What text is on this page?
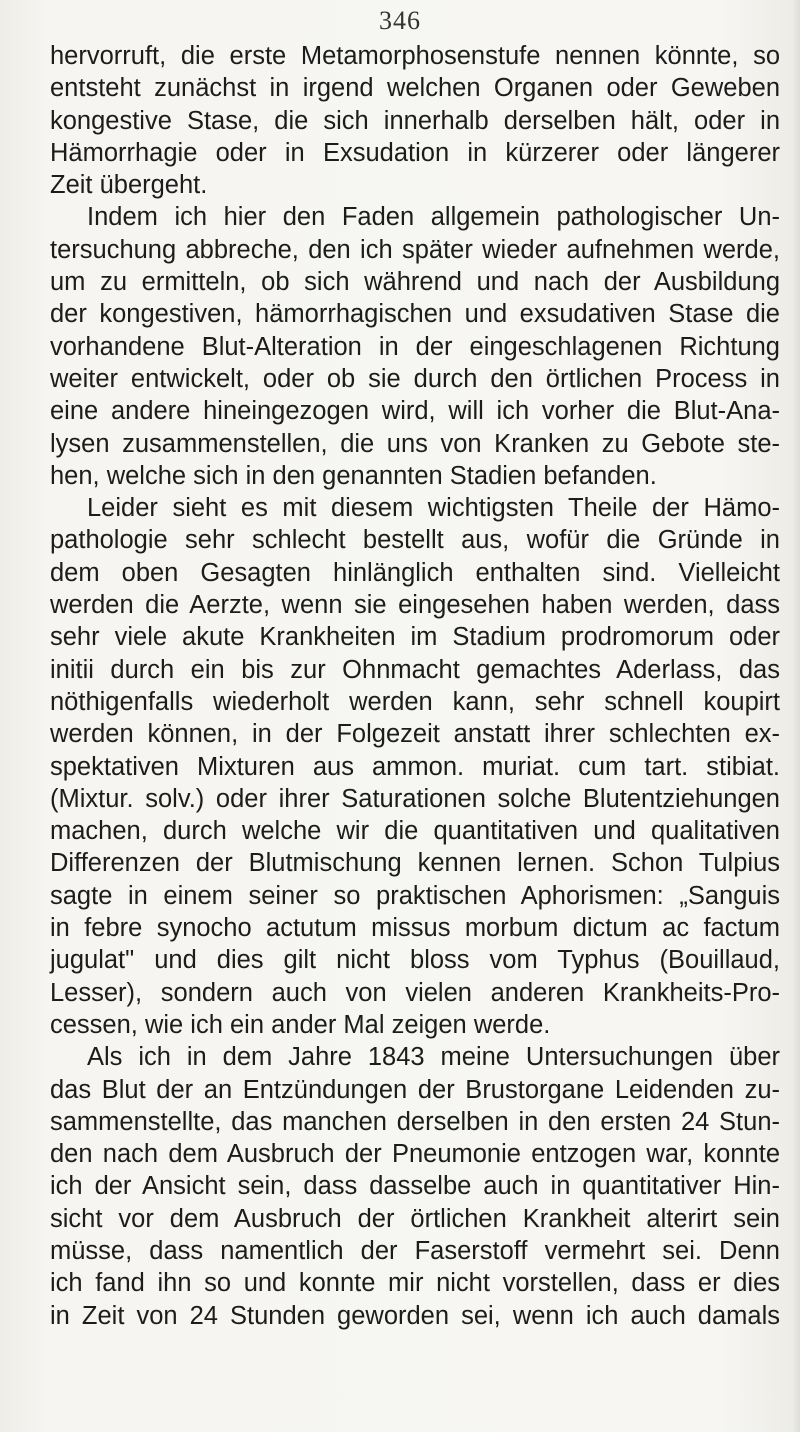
346
hervorruft, die erste Metamorphosenstufe nennen könnte, so
entsteht zunächst in irgend welchen Organen oder Geweben
kongestive Stase, die sich innerhalb derselben hält, oder in
Hämorrhagie oder in Exsudation in kürzerer oder längerer
Zeit übergeht.
Indem ich hier den Faden allgemein pathologischer Un-
tersuchung abbreche, den ich später wieder aufnehmen werde,
um zu ermitteln, ob sich während und nach der Ausbildung
der kongestiven, hämorrhagischen und exsudativen Stase die
vorhandene Blut-Alteration in der eingeschlagenen Richtung
weiter entwickelt, oder ob sie durch den örtlichen Process in
eine andere hineingezogen wird, will ich vorher die Blut-Ana-
lysen zusammenstellen, die uns von Kranken zu Gebote ste-
hen, welche sich in den genannten Stadien befanden.
Leider sieht es mit diesem wichtigsten Theile der Hämo-
pathologie sehr schlecht bestellt aus, wofür die Gründe in
dem oben Gesagten hinlänglich enthalten sind. Vielleicht
werden die Aerzte, wenn sie eingesehen haben werden, dass
sehr viele akute Krankheiten im Stadium prodromorum oder
initii durch ein bis zur Ohnmacht gemachtes Aderlass, das
nöthigenfalls wiederholt werden kann, sehr schnell koupirt
werden können, in der Folgezeit anstatt ihrer schlechten ex-
spektativen Mixturen aus ammon. muriat. cum tart. stibiat.
(Mixtur. solv.) oder ihrer Saturationen solche Blutentziehungen
machen, durch welche wir die quantitativen und qualitativen
Differenzen der Blutmischung kennen lernen. Schon Tulpius
sagte in einem seiner so praktischen Aphorismen: „Sanguis
in febre synocho actutum missus morbum dictum ac factum
jugulat" und dies gilt nicht bloss vom Typhus (Bouillaud,
Lesser), sondern auch von vielen anderen Krankheits-Pro-
cessen, wie ich ein ander Mal zeigen werde.
Als ich in dem Jahre 1843 meine Untersuchungen über
das Blut der an Entzündungen der Brustorgane Leidenden zu-
sammenstellte, das manchen derselben in den ersten 24 Stun-
den nach dem Ausbruch der Pneumonie entzogen war, konnte
ich der Ansicht sein, dass dasselbe auch in quantitativer Hin-
sicht vor dem Ausbruch der örtlichen Krankheit alterirt sein
müsse, dass namentlich der Faserstoff vermehrt sei. Denn
ich fand ihn so und konnte mir nicht vorstellen, dass er dies
in Zeit von 24 Stunden geworden sei, wenn ich auch damals
